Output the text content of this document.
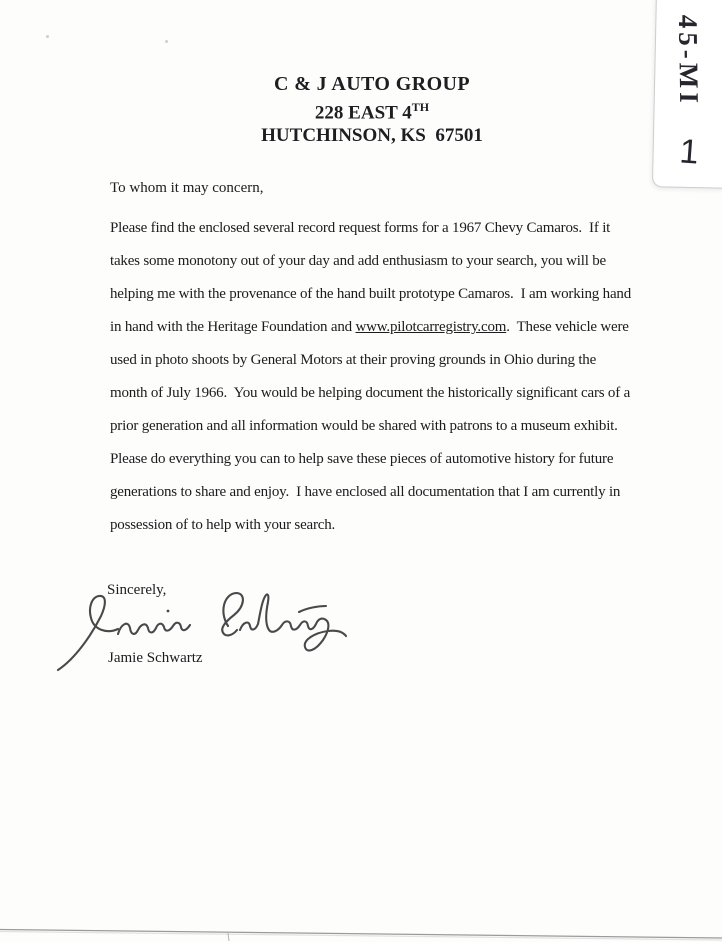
C & J AUTO GROUP
228 EAST 4TH
HUTCHINSON, KS  67501
To whom it may concern,
Please find the enclosed several record request forms for a 1967 Chevy Camaros.  If it
takes some monotony out of your day and add enthusiasm to your search, you will be
helping me with the provenance of the hand built prototype Camaros.  I am working hand
in hand with the Heritage Foundation and www.pilotcarregistry.com.  These vehicle were
used in photo shoots by General Motors at their proving grounds in Ohio during the
month of July 1966.  You would be helping document the historically significant cars of a
prior generation and all information would be shared with patrons to a museum exhibit.
Please do everything you can to help save these pieces of automotive history for future
generations to share and enjoy.  I have enclosed all documentation that I am currently in
possession of to help with your search.
Sincerely,
Jamie Schwartz
45-MI
1
